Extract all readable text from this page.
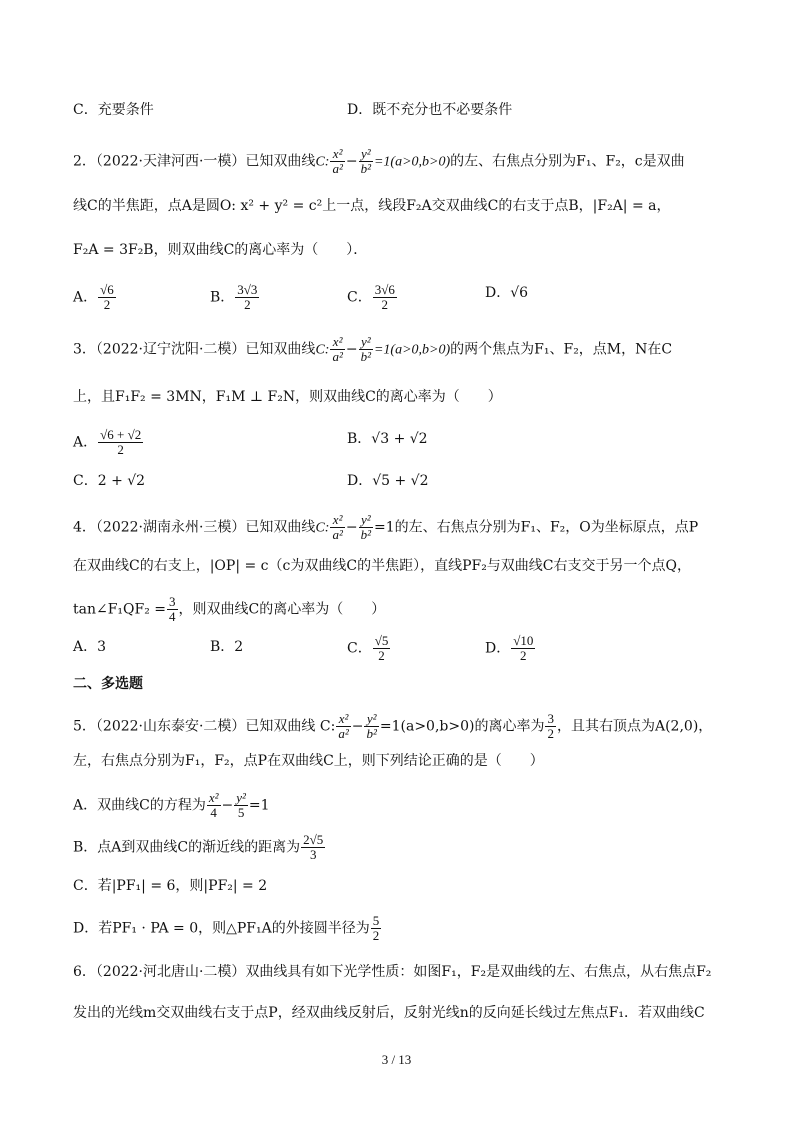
C．充要条件	D．既不充分也不必要条件
2．（2022·天津河西·一模）已知双曲线C: $\frac{\text{x²}}{\text{a²}} - \frac{\text{y²}}{\text{b²}} =1(a>0,b>0)$的左、右焦点分别为F₁、F₂，c是双曲
线C的半焦距，点A是圆O: x² + y² = c²上一点，线段F₂A交双曲线C的右支于点B，|F₂A| = a，
F₂A = 3F₂B，则双曲线C的离心率为（　　）．
A． $\frac{√6}{2}$	B． $\frac{3√3}{2}$	C． $\frac{3√6}{2}$	D．√6
3．（2022·辽宁沈阳·二模）已知双曲线C: $\frac{\text{x²}}{\text{a²}} - \frac{\text{y²}}{\text{b²}} =1(a>0,b>0)$的两个焦点为F₁、F₂，点M，N在C
上，且F₁F₂ = 3MN，F₁M ⊥ F₂N，则双曲线C的离心率为（　　）
A． $\frac{√6 + √2}{2}$	B．√3 + √2
C．2 + √2	D．√5 + √2
4．（2022·湖南永州·三模）已知双曲线C: $\frac{\text{x²}}{\text{a²}} - \frac{\text{y²}}{\text{b²}} =1$的左、右焦点分别为F₁、F₂，O为坐标原点，点P
在双曲线C的右支上，|OP| = c（c为双曲线C的半焦距），直线PF₂与双曲线C右支交于另一个点Q，
tan∠F₁QF₂ = $\frac{3}{4}$ ，则双曲线C的离心率为（　　）
A．3	B．2	C． $\frac{√5}{2}$	D． $\frac{√10}{2}$
二、多选题
5．（2022·山东泰安·二模）已知双曲线 C: $\frac{\text{x²}}{\text{a²}} - \frac{\text{y²}}{\text{b²}} =1(a>0,b>0)$的离心率为 $\frac{3}{2}$ ，且其右顶点为A(2,0)，
左，右焦点分别为F₁，F₂，点P在双曲线C上，则下列结论正确的是（　　）
A．双曲线C的方程为 $\frac{\text{x²}}{4} - \frac{\text{y²}}{5} =1$
B．点A到双曲线C的渐近线的距离为 $\frac{2√5}{3}$
C．若|PF₁| = 6，则|PF₂| = 2
D．若PF₁ · PA = 0，则△PF₁A的外接圆半径为 $\frac{5}{2}$
6．（2022·河北唐山·二模）双曲线具有如下光学性质：如图F₁，F₂是双曲线的左、右焦点，从右焦点F₂
发出的光线m交双曲线右支于点P，经双曲线反射后，反射光线n的反向延长线过左焦点F₁．若双曲线C
3 / 13
